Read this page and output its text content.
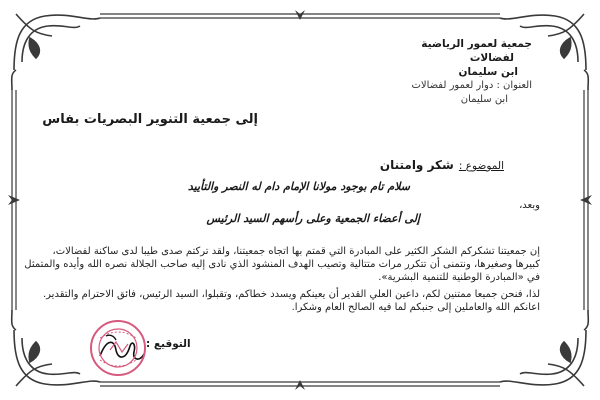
جمعية لعمور الرياضية
لفضالات
ابن سليمان
العنوان : دوار لعمور لفضالات
ابن سليمان
إلى جمعية التنوير البصريات بفاس
الموضوع : شكر وامتنان
سلام تام بوجود مولانا الإمام دام له النصر والتأييد
وبعد،
إلى أعضاء الجمعية وعلى رأسهم السيد الرئيس
إن جمعيتنا تشكركم الشكر الكثير على المبادرة التي قمتم بها اتجاه جمعيتنا، ولقد تركتم صدى طيبا لدى ساكنة لفضالات،
كبيرها وصغيرها، ونتمنى أن تتكرر مرات متتالية وتصيب الهدف المنشود الذي نادى إليه صاحب الجلالة نصره الله وأيده والمتمثل
في «المبادرة الوطنية للتنمية البشرية».
لذا، فنحن جميعا ممتنين لكم، داعين العلي القدير أن يعينكم ويسدد خطاكم، وتقبلوا، السيد الرئيس، فائق الاحترام والتقدير.
اعانكم الله والعاملين إلى جنبكم لما فيه الصالح العام وشكرا.
التوقيع :
